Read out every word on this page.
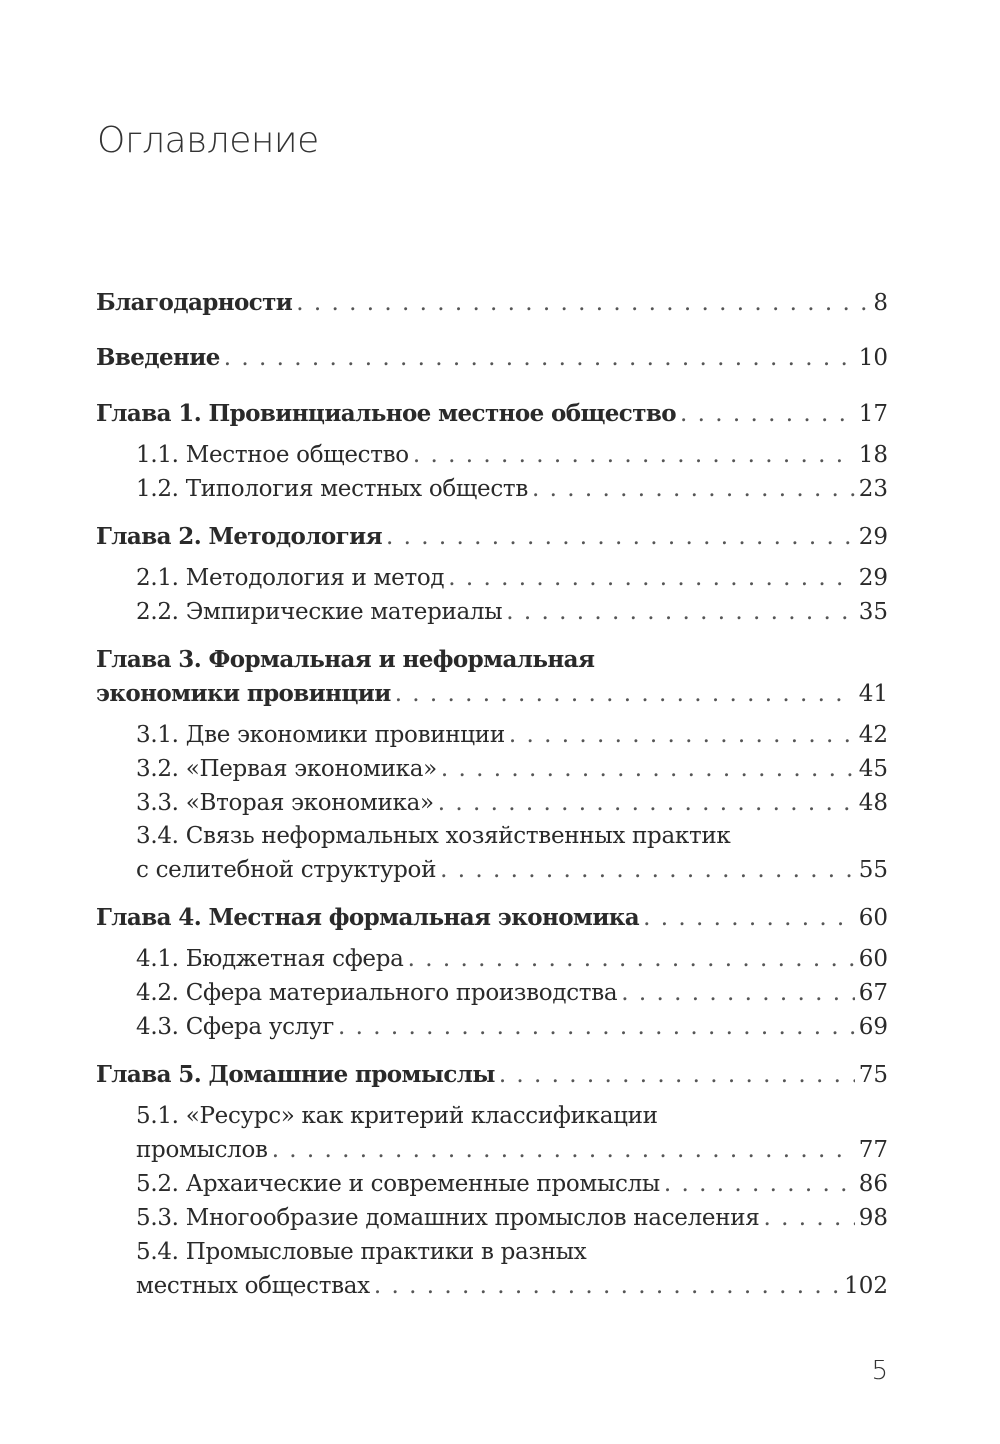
Оглавление
Благодарности . . .	8
Введение . . .	10
Глава 1. Провинциальное местное общество . . .	17
1.1. Местное общество . . .	18
1.2. Типология местных обществ . . .	23
Глава 2. Методология . . .	29
2.1. Методология и метод . . .	29
2.2. Эмпирические материалы . . .	35
Глава 3. Формальная и неформальная
экономики провинции . . .	41
3.1. Две экономики провинции . . .	42
3.2. «Первая экономика» . . .	45
3.3. «Вторая экономика» . . .	48
3.4. Связь неформальных хозяйственных практик
с селитебной структурой . . .	55
Глава 4. Местная формальная экономика . . .	60
4.1. Бюджетная сфера . . .	60
4.2. Сфера материального производства . . .	67
4.3. Сфера услуг . . .	69
Глава 5. Домашние промыслы . . .	75
5.1. «Ресурс» как критерий классификации
промыслов . . .	77
5.2. Архаические и современные промыслы . . .	86
5.3. Многообразие домашних промыслов населения . . .	98
5.4. Промысловые практики в разных
местных обществах . . .	102
5
